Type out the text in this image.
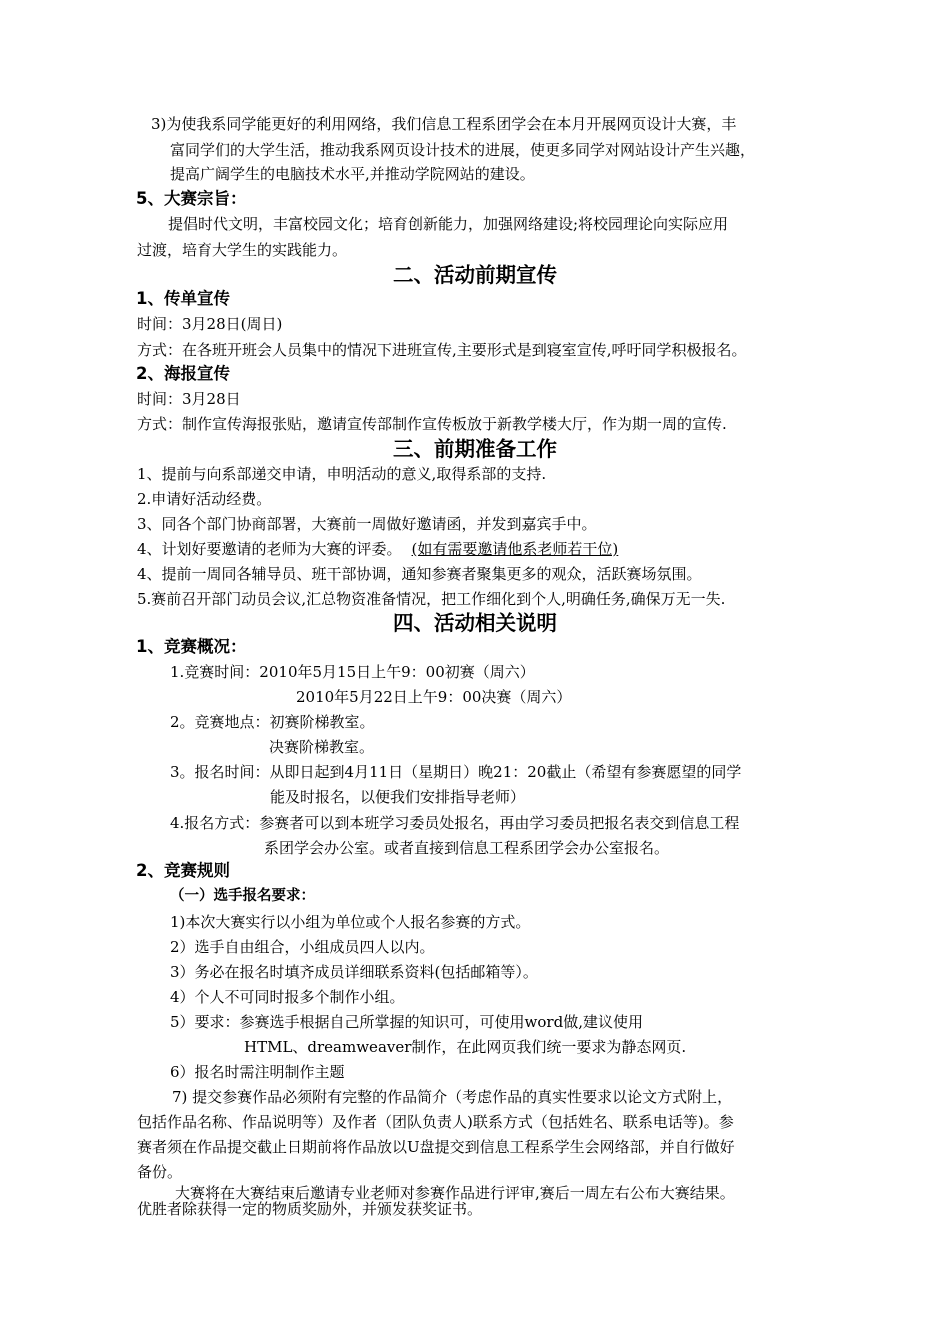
3)为使我系同学能更好的利用网络，我们信息工程系团学会在本月开展网页设计大赛，丰
富同学们的大学生活，推动我系网页设计技术的进展，使更多同学对网站设计产生兴趣，
提高广阔学生的电脑技术水平,并推动学院网站的建设。
5、大赛宗旨：
提倡时代文明，丰富校园文化；培育创新能力，加强网络建设;将校园理论向实际应用
过渡，培育大学生的实践能力。
二、活动前期宣传
1、传单宣传
时间：3月28日(周日)
方式：在各班开班会人员集中的情况下进班宣传,主要形式是到寝室宣传,呼吁同学积极报名。
2、海报宣传
时间：3月28日
方式：制作宣传海报张贴，邀请宣传部制作宣传板放于新教学楼大厅，作为期一周的宣传.
三、前期准备工作
1、提前与向系部递交申请，申明活动的意义,取得系部的支持.
2.申请好活动经费。
3、同各个部门协商部署，大赛前一周做好邀请函，并发到嘉宾手中。
4、计划好要邀请的老师为大赛的评委。 (如有需要邀请他系老师若干位)
4、提前一周同各辅导员、班干部协调，通知参赛者聚集更多的观众，活跃赛场氛围。
5.赛前召开部门动员会议,汇总物资准备情况，把工作细化到个人,明确任务,确保万无一失.
四、活动相关说明
1、竞赛概况：
1.竞赛时间：2010年5月15日上午9：00初赛（周六）
2010年5月22日上午9：00决赛（周六）
2。竞赛地点：初赛阶梯教室。
决赛阶梯教室。
3。报名时间：从即日起到4月11日（星期日）晚21：20截止（希望有参赛愿望的同学
能及时报名，以便我们安排指导老师）
4.报名方式：参赛者可以到本班学习委员处报名，再由学习委员把报名表交到信息工程
系团学会办公室。或者直接到信息工程系团学会办公室报名。
2、竞赛规则
（一）选手报名要求：
1)本次大赛实行以小组为单位或个人报名参赛的方式。
2）选手自由组合，小组成员四人以内。
3）务必在报名时填齐成员详细联系资料(包括邮箱等）。
4）个人不可同时报多个制作小组。
5）要求：参赛选手根据自己所掌握的知识可，可使用word做,建议使用
HTML、dreamweaver制作，在此网页我们统一要求为静态网页.
6）报名时需注明制作主题
7) 提交参赛作品必须附有完整的作品简介（考虑作品的真实性要求以论文方式附上，
包括作品名称、作品说明等）及作者（团队负责人)联系方式（包括姓名、联系电话等)。参
赛者须在作品提交截止日期前将作品放以U盘提交到信息工程系学生会网络部，并自行做好
备份。
大赛将在大赛结束后邀请专业老师对参赛作品进行评审,赛后一周左右公布大赛结果。
优胜者除获得一定的物质奖励外，并颁发获奖证书。
